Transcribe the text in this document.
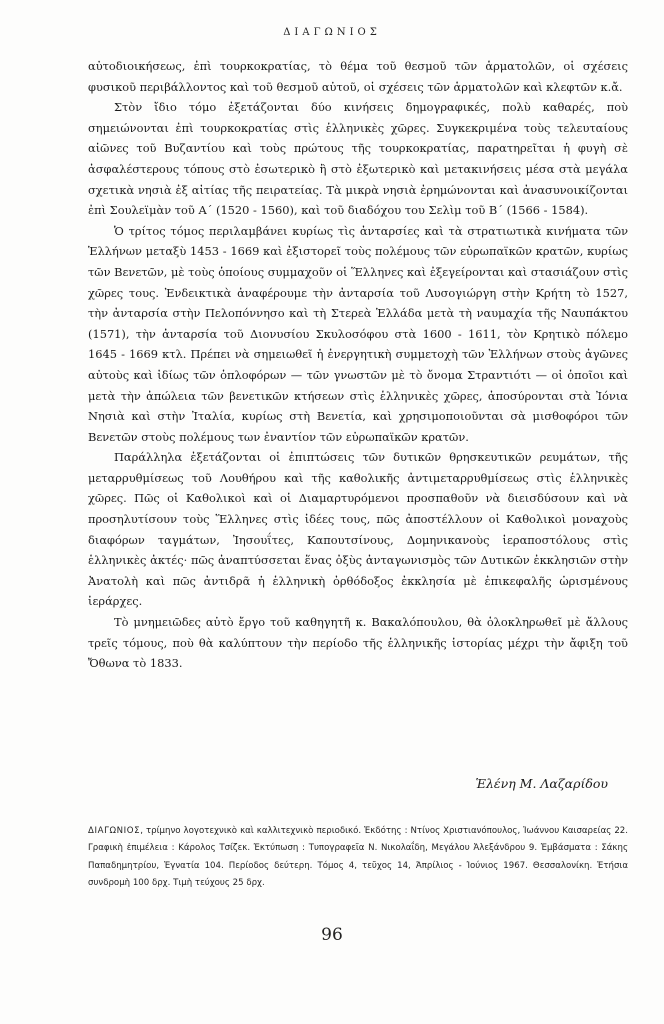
ΔΙΑΓΩΝΙΟΣ

αὐτοδιοικήσεως, ἐπὶ τουρκοκρατίας, τὸ θέμα τοῦ θεσμοῦ τῶν ἁρματολῶν, οἱ σχέσεις φυσικοῦ περιβάλλοντος καὶ τοῦ θεσμοῦ αὐτοῦ, οἱ σχέσεις τῶν ἁρματολῶν καὶ κλεφτῶν κ.ἄ.

Στὸν ἴδιο τόμο ἐξετάζονται δύο κινήσεις δημογραφικές, πολὺ καθαρές, ποὺ σημειώνονται ἐπὶ τουρκοκρατίας στὶς ἑλληνικὲς χῶρες. Συγκεκριμένα τοὺς τελευταίους αἰῶνες τοῦ Βυζαντίου καὶ τοὺς πρώτους τῆς τουρκοκρατίας, παρατηρεῖται ἡ φυγὴ σὲ ἀσφαλέστερους τόπους στὸ ἐσωτερικὸ ἢ στὸ ἐξωτερικὸ καὶ μετακινήσεις μέσα στὰ μεγάλα σχετικὰ νησιὰ ἐξ αἰτίας τῆς πειρατείας. Τὰ μικρὰ νησιὰ ἐρημώνονται καὶ ἀνασυνοικίζονται ἐπὶ Σουλεϊμὰν τοῦ Α΄ (1520 - 1560), καὶ τοῦ διαδόχου του Σελὶμ τοῦ Β΄ (1566 - 1584).

Ὁ τρίτος τόμος περιλαμβάνει κυρίως τὶς ἀνταρσίες καὶ τὰ στρατιωτικὰ κινήματα τῶν Ἑλλήνων μεταξὺ 1453 - 1669 καὶ ἐξιστορεῖ τοὺς πολέμους τῶν εὐρωπαϊκῶν κρατῶν, κυρίως τῶν Βενετῶν, μὲ τοὺς ὁποίους συμμαχοῦν οἱ Ἕλληνες καὶ ἐξεγείρονται καὶ στασιάζουν στὶς χῶρες τους. Ἐνδεικτικὰ ἀναφέρουμε τὴν ἀνταρσία τοῦ Λυσογιώργη στὴν Κρήτη τὸ 1527, τὴν ἀνταρσία στὴν Πελοπόννησο καὶ τὴ Στερεὰ Ἑλλάδα μετὰ τὴ ναυμαχία τῆς Ναυπάκτου (1571), τὴν ἀνταρσία τοῦ Διονυσίου Σκυλοσόφου στὰ 1600 - 1611, τὸν Κρητικὸ πόλεμο 1645 - 1669 κτλ. Πρέπει νὰ σημειωθεῖ ἡ ἐνεργητικὴ συμμετοχὴ τῶν Ἑλλήνων στοὺς ἀγῶνες αὐτοὺς καὶ ἰδίως τῶν ὁπλοφόρων — τῶν γνωστῶν μὲ τὸ ὄνομα Στραντιότι — οἱ ὁποῖοι καὶ μετὰ τὴν ἀπώλεια τῶν βενετικῶν κτήσεων στὶς ἑλληνικὲς χῶρες, ἀποσύρονται στὰ Ἰόνια Νησιὰ καὶ στὴν Ἰταλία, κυρίως στὴ Βενετία, καὶ χρησιμοποιοῦνται σὰ μισθοφόροι τῶν Βενετῶν στοὺς πολέμους των ἐναντίον τῶν εὐρωπαϊκῶν κρατῶν.

Παράλληλα ἐξετάζονται οἱ ἐπιπτώσεις τῶν δυτικῶν θρησκευτικῶν ρευμάτων, τῆς μεταρρυθμίσεως τοῦ Λουθήρου καὶ τῆς καθολικῆς ἀντιμεταρρυθμίσεως στὶς ἑλληνικὲς χῶρες. Πῶς οἱ Καθολικοὶ καὶ οἱ Διαμαρτυρόμενοι προσπαθοῦν νὰ διεισδύσουν καὶ νὰ προσηλυτίσουν τοὺς Ἕλληνες στὶς ἰδέες τους, πῶς ἀποστέλλουν οἱ Καθολικοὶ μοναχοὺς διαφόρων ταγμάτων, Ἰησουΐτες, Καπουτσίνους, Δομηνικανοὺς ἱεραποστόλους στὶς ἑλληνικὲς ἀκτές· πῶς ἀναπτύσσεται ἕνας ὀξὺς ἀνταγωνισμὸς τῶν Δυτικῶν ἐκκλησιῶν στὴν Ἀνατολὴ καὶ πῶς ἀντιδρᾶ ἡ ἑλληνικὴ ὀρθόδοξος ἐκκλησία μὲ ἐπικεφαλῆς ὡρισμένους ἱεράρχες.

Τὸ μνημειῶδες αὐτὸ ἔργο τοῦ καθηγητῆ κ. Βακαλόπουλου, θὰ ὁλοκληρωθεῖ μὲ ἄλλους τρεῖς τόμους, ποὺ θὰ καλύπτουν τὴν περίοδο τῆς ἑλληνικῆς ἱστορίας μέχρι τὴν ἄφιξη τοῦ Ὄθωνα τὸ 1833.

Ἑλένη Μ. Λαζαρίδου
ΔΙΑΓΩΝΙΟΣ, τρίμηνο λογοτεχνικὸ καὶ καλλιτεχνικὸ περιοδικό. Ἐκδότης : Ντίνος Χριστιανόπουλος, Ἰωάννου Καισαρείας 22. Γραφικὴ ἐπιμέλεια : Κάρολος Τσίζεκ. Ἐκτύπωση : Τυπογραφεῖα Ν. Νικολαΐδη, Μεγάλου Ἀλεξάνδρου 9. Ἐμβάσματα : Σάκης Παπαδημητρίου, Ἐγνατία 104. Περίοδος δεύτερη. Τόμος 4, τεῦχος 14, Ἀπρίλιος - Ἰούνιος 1967. Θεσσαλονίκη. Ἐτήσια συνδρομὴ 100 δρχ. Τιμὴ τεύχους 25 δρχ.
96
